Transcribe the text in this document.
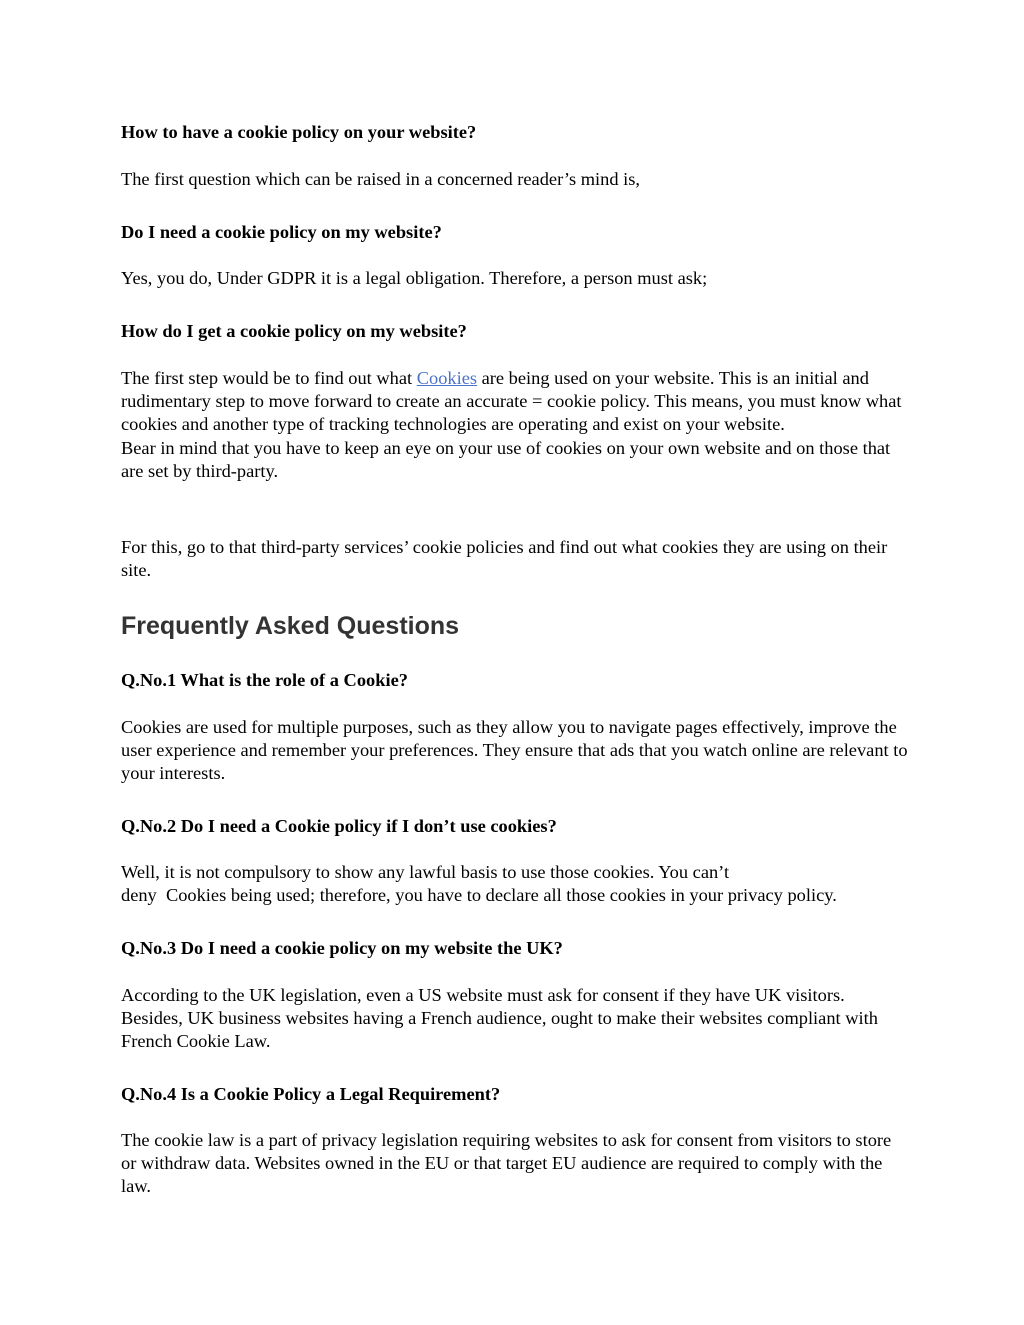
How to have a cookie policy on your website?

The first question which can be raised in a concerned reader’s mind is,

Do I need a cookie policy on my website?

Yes, you do, Under GDPR it is a legal obligation. Therefore, a person must ask;

How do I get a cookie policy on my website?

The first step would be to find out what Cookies are being used on your website. This is an initial and rudimentary step to move forward to create an accurate = cookie policy. This means, you must know what cookies and another type of tracking technologies are operating and exist on your website.
Bear in mind that you have to keep an eye on your use of cookies on your own website and on those that are set by third-party.

For this, go to that third-party services’ cookie policies and find out what cookies they are using on their site.

Frequently Asked Questions

Q.No.1 What is the role of a Cookie?

Cookies are used for multiple purposes, such as they allow you to navigate pages effectively, improve the user experience and remember your preferences. They ensure that ads that you watch online are relevant to your interests.

Q.No.2 Do I need a Cookie policy if I don’t use cookies?

Well, it is not compulsory to show any lawful basis to use those cookies. You can’t
deny  Cookies being used; therefore, you have to declare all those cookies in your privacy policy.

Q.No.3 Do I need a cookie policy on my website the UK?

According to the UK legislation, even a US website must ask for consent if they have UK visitors. Besides, UK business websites having a French audience, ought to make their websites compliant with French Cookie Law.

Q.No.4 Is a Cookie Policy a Legal Requirement?

The cookie law is a part of privacy legislation requiring websites to ask for consent from visitors to store or withdraw data. Websites owned in the EU or that target EU audience are required to comply with the law.
